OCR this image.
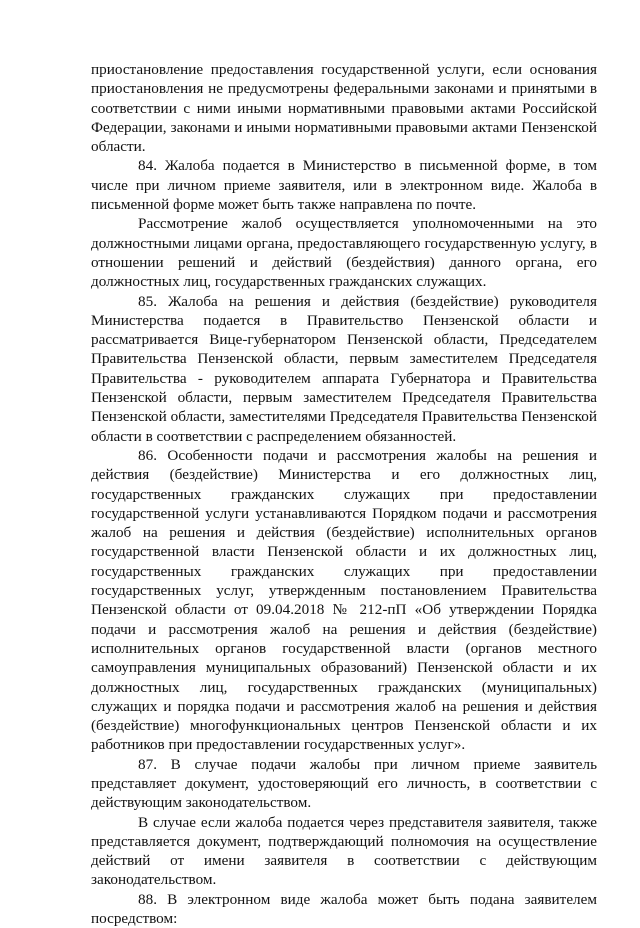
приостановление предоставления государственной услуги, если основания приостановления не предусмотрены федеральными законами и принятыми в соответствии с ними иными нормативными правовыми актами Российской Федерации, законами и иными нормативными правовыми актами Пензенской области.

84. Жалоба подается в Министерство в письменной форме, в том числе при личном приеме заявителя, или в электронном виде. Жалоба в письменной форме может быть также направлена по почте.

Рассмотрение жалоб осуществляется уполномоченными на это должностными лицами органа, предоставляющего государственную услугу, в отношении решений и действий (бездействия) данного органа, его должностных лиц, государственных гражданских служащих.

85. Жалоба на решения и действия (бездействие) руководителя Министерства подается в Правительство Пензенской области и рассматривается Вице-губернатором Пензенской области, Председателем Правительства Пензенской области, первым заместителем Председателя Правительства - руководителем аппарата Губернатора и Правительства Пензенской области, первым заместителем Председателя Правительства Пензенской области, заместителями Председателя Правительства Пензенской области в соответствии с распределением обязанностей.

86. Особенности подачи и рассмотрения жалобы на решения и действия (бездействие) Министерства и его должностных лиц, государственных гражданских служащих при предоставлении государственной услуги устанавливаются Порядком подачи и рассмотрения жалоб на решения и действия (бездействие) исполнительных органов государственной власти Пензенской области и их должностных лиц, государственных гражданских служащих при предоставлении государственных услуг, утвержденным постановлением Правительства Пензенской области от 09.04.2018 № 212-пП «Об утверждении Порядка подачи и рассмотрения жалоб на решения и действия (бездействие) исполнительных органов государственной власти (органов местного самоуправления муниципальных образований) Пензенской области и их должностных лиц, государственных гражданских (муниципальных) служащих и порядка подачи и рассмотрения жалоб на решения и действия (бездействие) многофункциональных центров Пензенской области и их работников при предоставлении государственных услуг».

87. В случае подачи жалобы при личном приеме заявитель представляет документ, удостоверяющий его личность, в соответствии с действующим законодательством.

В случае если жалоба подается через представителя заявителя, также представляется документ, подтверждающий полномочия на осуществление действий от имени заявителя в соответствии с действующим законодательством.

88. В электронном виде жалоба может быть подана заявителем посредством:
